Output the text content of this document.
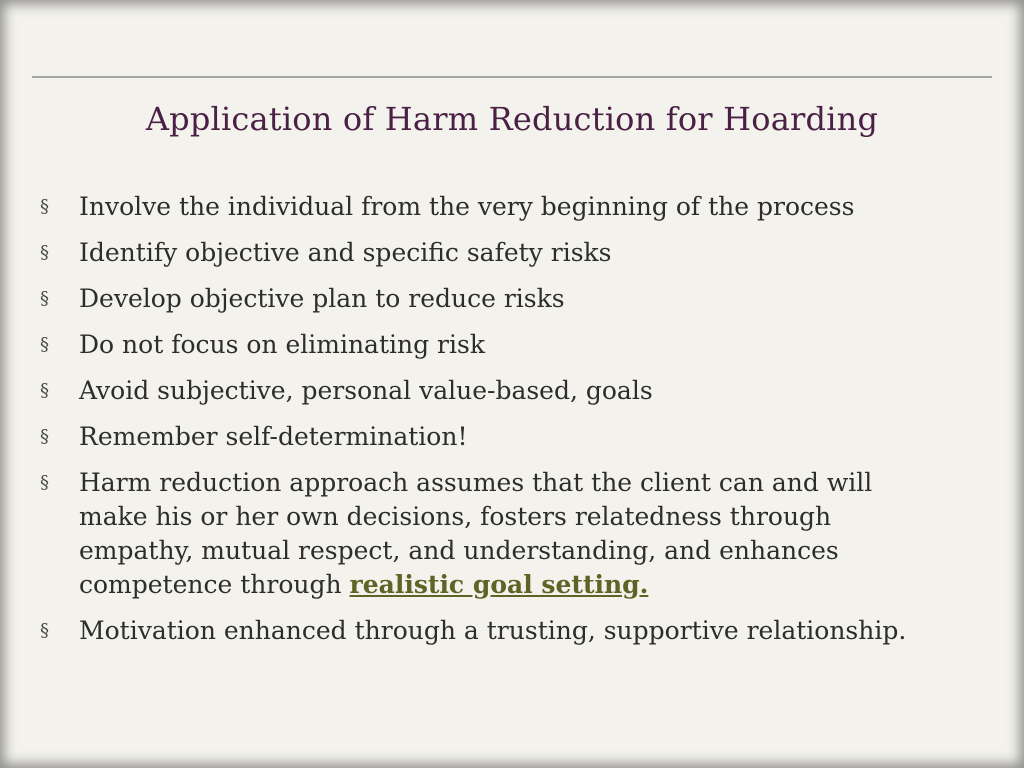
Application of Harm Reduction for Hoarding
§ Involve the individual from the very beginning of the process
§ Identify objective and specific safety risks
§ Develop objective plan to reduce risks
§ Do not focus on eliminating risk
§ Avoid subjective, personal value-based, goals
§ Remember self-determination!
§ Harm reduction approach assumes that the client can and will make his or her own decisions, fosters relatedness through empathy, mutual respect, and understanding, and enhances competence through realistic goal setting.
§ Motivation enhanced through a trusting, supportive relationship.
